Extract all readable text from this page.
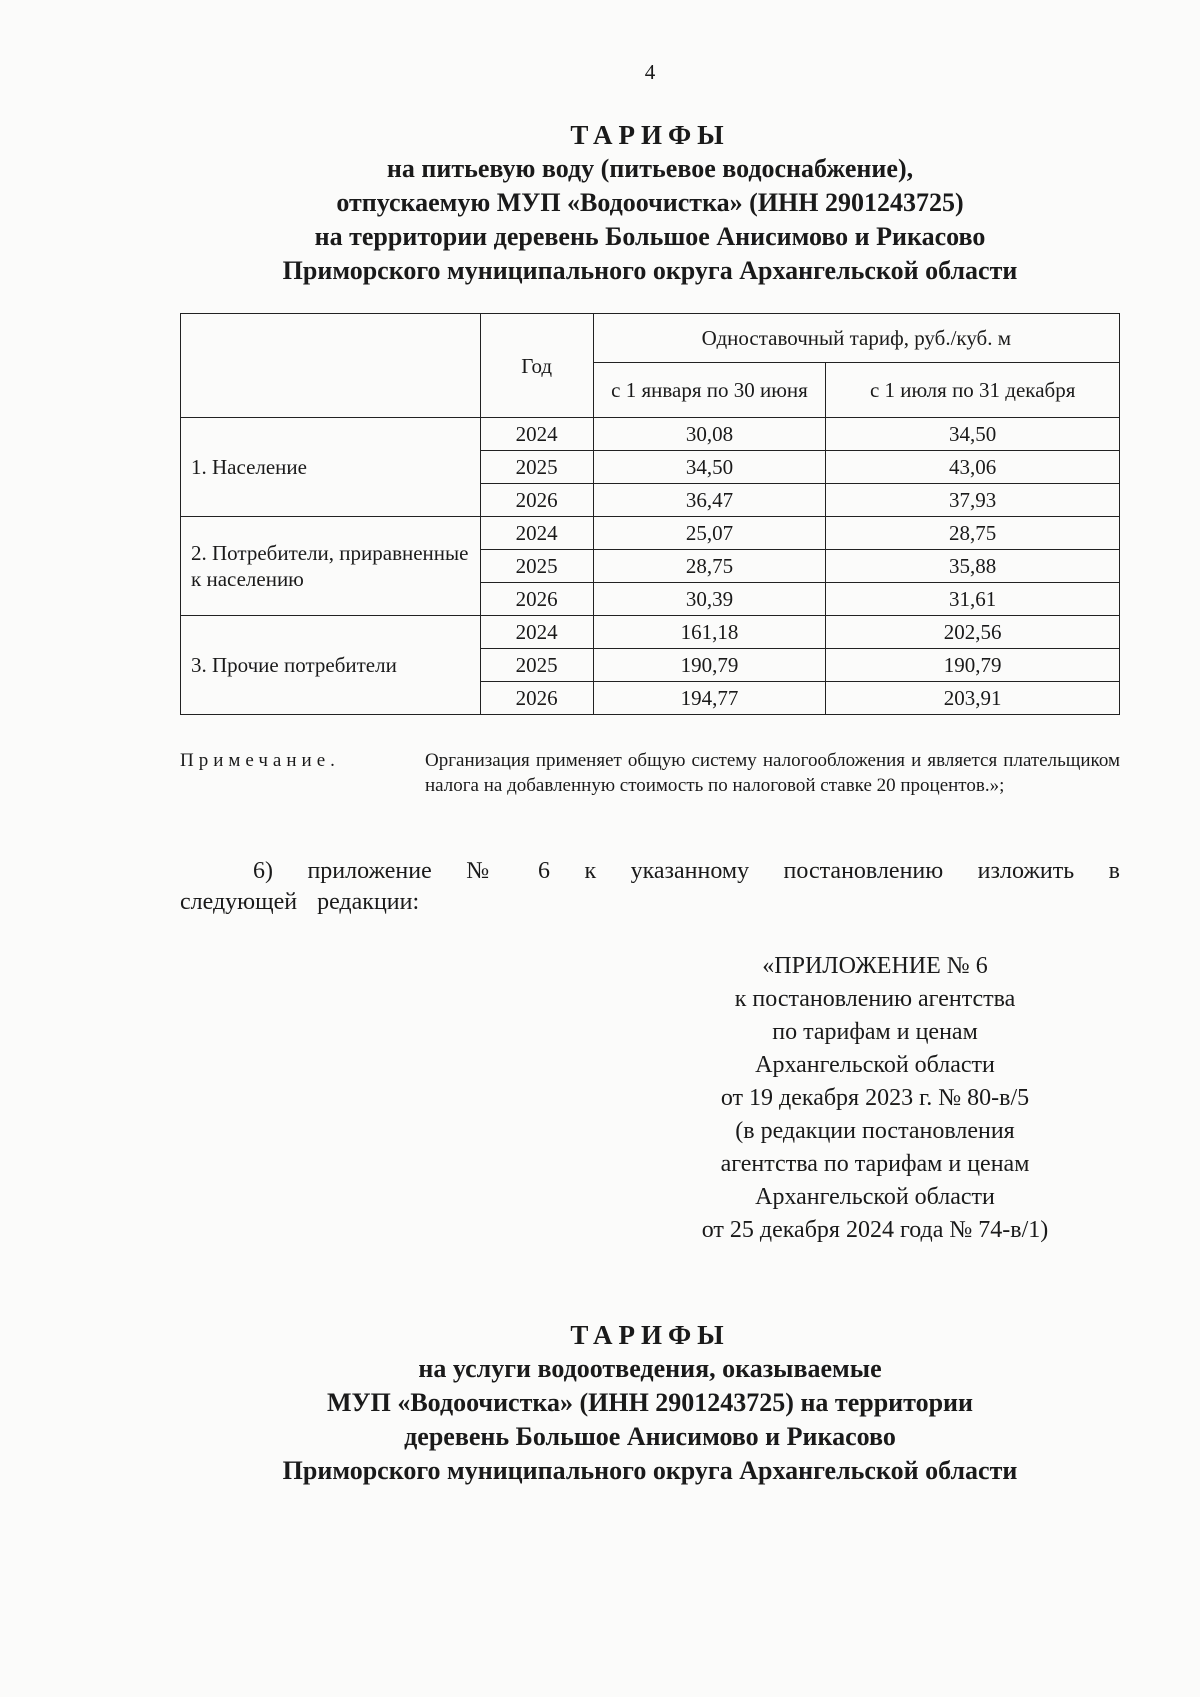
4
ТАРИФЫ
на питьевую воду (питьевое водоснабжение),
отпускаемую МУП «Водоочистка» (ИНН 2901243725)
на территории деревень Большое Анисимово и Рикасово
Приморского муниципального округа Архангельской области
	Год	Одноставочный тариф, руб./куб. м	
		с 1 января по 30 июня	с 1 июля по 31 декабря
1. Население	2024	30,08	34,50
	2025	34,50	43,06
	2026	36,47	37,93
2. Потребители, приравненные к населению	2024	25,07	28,75
	2025	28,75	35,88
	2026	30,39	31,61
3. Прочие потребители	2024	161,18	202,56
	2025	190,79	190,79
	2026	194,77	203,91
Примечание.	Организация применяет общую систему налогообложения и является плательщиком налога на добавленную стоимость по налоговой ставке 20 процентов.»;
6) приложение № 6 к указанному постановлению изложить в следующей редакции:
«ПРИЛОЖЕНИЕ № 6
к постановлению агентства
по тарифам и ценам
Архангельской области
от 19 декабря 2023 г. № 80-в/5
(в редакции постановления
агентства по тарифам и ценам
Архангельской области
от 25 декабря 2024 года № 74-в/1)
ТАРИФЫ
на услуги водоотведения, оказываемые
МУП «Водоочистка» (ИНН 2901243725) на территории
деревень Большое Анисимово и Рикасово
Приморского муниципального округа Архангельской области
